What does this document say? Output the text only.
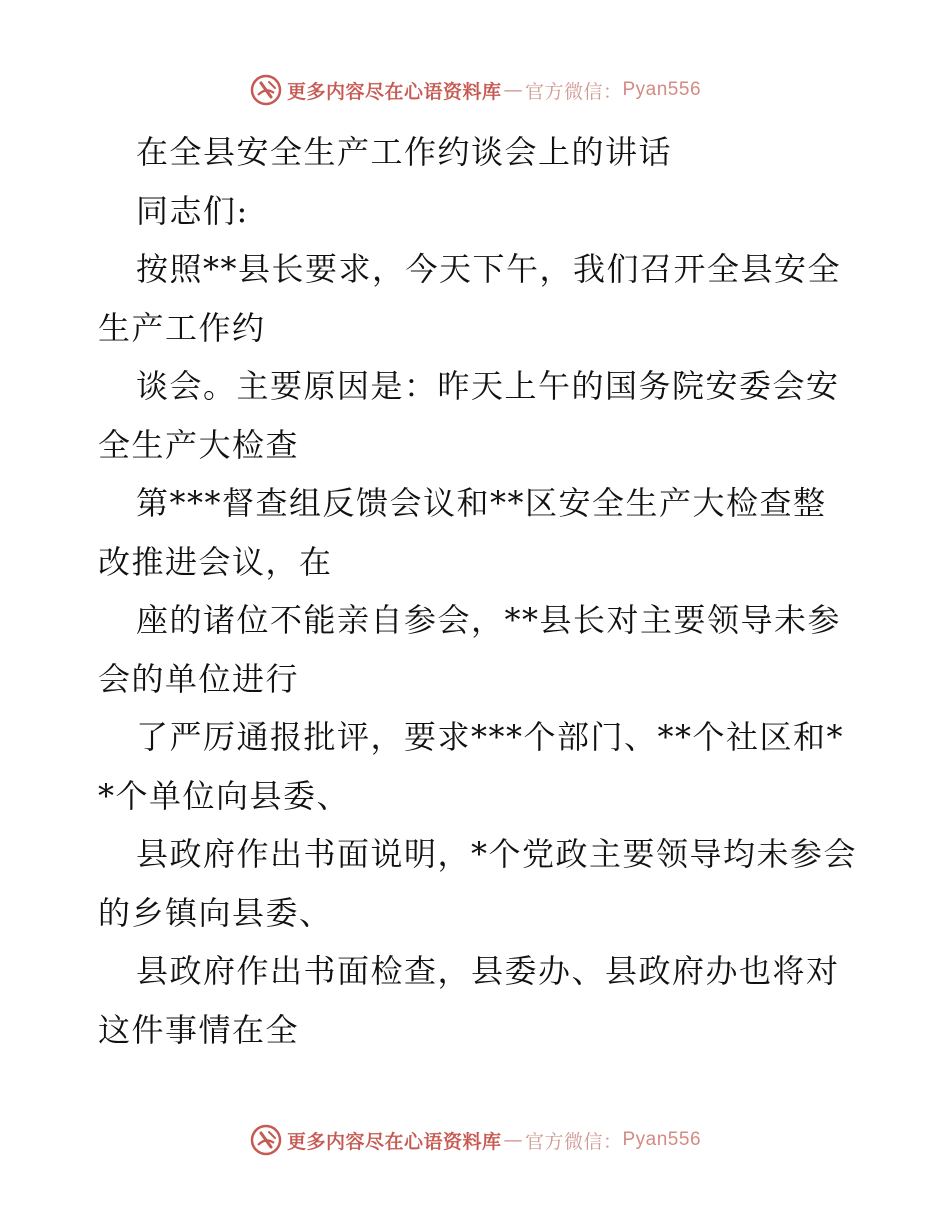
更多内容尽在心语资料库 — 官方微信： Pyan556

在全县安全生产工作约谈会上的讲话

同志们:

按照**县长要求，今天下午，我们召开全县安全生产工作约

谈会。主要原因是：昨天上午的国务院安委会安全生产大检查

第***督查组反馈会议和**区安全生产大检查整改推进会议，在

座的诸位不能亲自参会，**县长对主要领导未参会的单位进行

了严厉通报批评，要求***个部门、**个社区和**个单位向县委、

县政府作出书面说明，*个党政主要领导均未参会的乡镇向县委、

县政府作出书面检查，县委办、县政府办也将对这件事情在全

更多内容尽在心语资料库 — 官方微信： Pyan556
